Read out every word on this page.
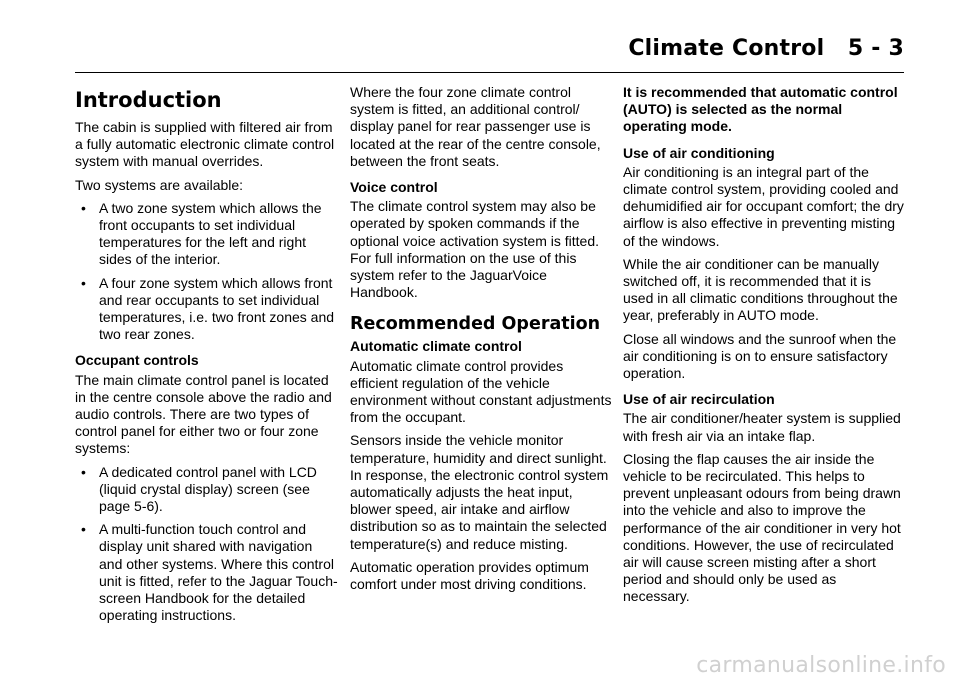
Climate Control   5 - 3
Introduction

The cabin is supplied with filtered air from a fully automatic electronic climate control system with manual overrides.

Two systems are available:

• A two zone system which allows the front occupants to set individual temperatures for the left and right sides of the interior.
• A four zone system which allows front and rear occupants to set individual temperatures, i.e. two front zones and two rear zones.
Occupant controls

The main climate control panel is located in the centre console above the radio and audio controls. There are two types of control panel for either two or four zone systems:

• A dedicated control panel with LCD (liquid crystal display) screen (see page 5-6).
• A multi-function touch control and display unit shared with navigation and other systems. Where this control unit is fitted, refer to the Jaguar Touch-screen Handbook for the detailed operating instructions.

Where the four zone climate control system is fitted, an additional control/ display panel for rear passenger use is located at the rear of the centre console, between the front seats.

Voice control

The climate control system may also be operated by spoken commands if the optional voice activation system is fitted. For full information on the use of this system refer to the JaguarVoice Handbook.

Recommended Operation
Automatic climate control

Automatic climate control provides efficient regulation of the vehicle environment without constant adjustments from the occupant.

Sensors inside the vehicle monitor temperature, humidity and direct sunlight. In response, the electronic control system automatically adjusts the heat input, blower speed, air intake and airflow distribution so as to maintain the selected temperature(s) and reduce misting.

Automatic operation provides optimum comfort under most driving conditions.

It is recommended that automatic control (AUTO) is selected as the normal operating mode.

Use of air conditioning

Air conditioning is an integral part of the climate control system, providing cooled and dehumidified air for occupant comfort; the dry airflow is also effective in preventing misting of the windows.

While the air conditioner can be manually switched off, it is recommended that it is used in all climatic conditions throughout the year, preferably in AUTO mode.

Close all windows and the sunroof when the air conditioning is on to ensure satisfactory operation.

Use of air recirculation

The air conditioner/heater system is supplied with fresh air via an intake flap.

Closing the flap causes the air inside the vehicle to be recirculated. This helps to prevent unpleasant odours from being drawn into the vehicle and also to improve the performance of the air conditioner in very hot conditions. However, the use of recirculated air will cause screen misting after a short period and should only be used as necessary.

carmanualsonline.info
